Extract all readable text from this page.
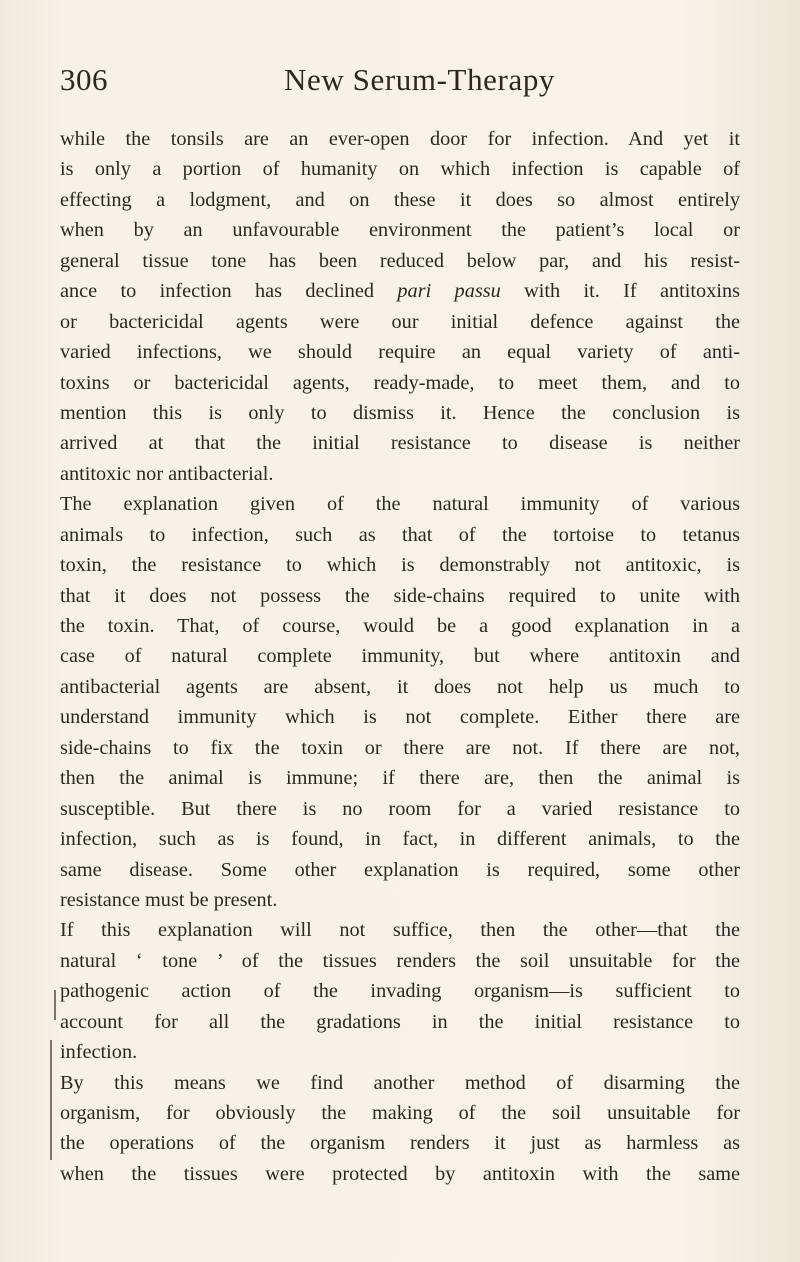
306	New Serum-Therapy
while the tonsils are an ever-open door for infection. And yet it
is only a portion of humanity on which infection is capable of
effecting a lodgment, and on these it does so almost entirely
when by an unfavourable environment the patient’s local or
general tissue tone has been reduced below par, and his resist-
ance to infection has declined pari passu with it. If antitoxins
or bactericidal agents were our initial defence against the
varied infections, we should require an equal variety of anti-
toxins or bactericidal agents, ready-made, to meet them, and to
mention this is only to dismiss it. Hence the conclusion is
arrived at that the initial resistance to disease is neither
antitoxic nor antibacterial.
The explanation given of the natural immunity of various
animals to infection, such as that of the tortoise to tetanus
toxin, the resistance to which is demonstrably not antitoxic, is
that it does not possess the side-chains required to unite with
the toxin. That, of course, would be a good explanation in a
case of natural complete immunity, but where antitoxin and
antibacterial agents are absent, it does not help us much to
understand immunity which is not complete. Either there are
side-chains to fix the toxin or there are not. If there are not,
then the animal is immune; if there are, then the animal is
susceptible. But there is no room for a varied resistance to
infection, such as is found, in fact, in different animals, to the
same disease. Some other explanation is required, some other
resistance must be present.
If this explanation will not suffice, then the other—that the
natural ‘ tone ’ of the tissues renders the soil unsuitable for the
pathogenic action of the invading organism—is sufficient to
account for all the gradations in the initial resistance to
infection.
By this means we find another method of disarming the
organism, for obviously the making of the soil unsuitable for
the operations of the organism renders it just as harmless as
when the tissues were protected by antitoxin with the same
